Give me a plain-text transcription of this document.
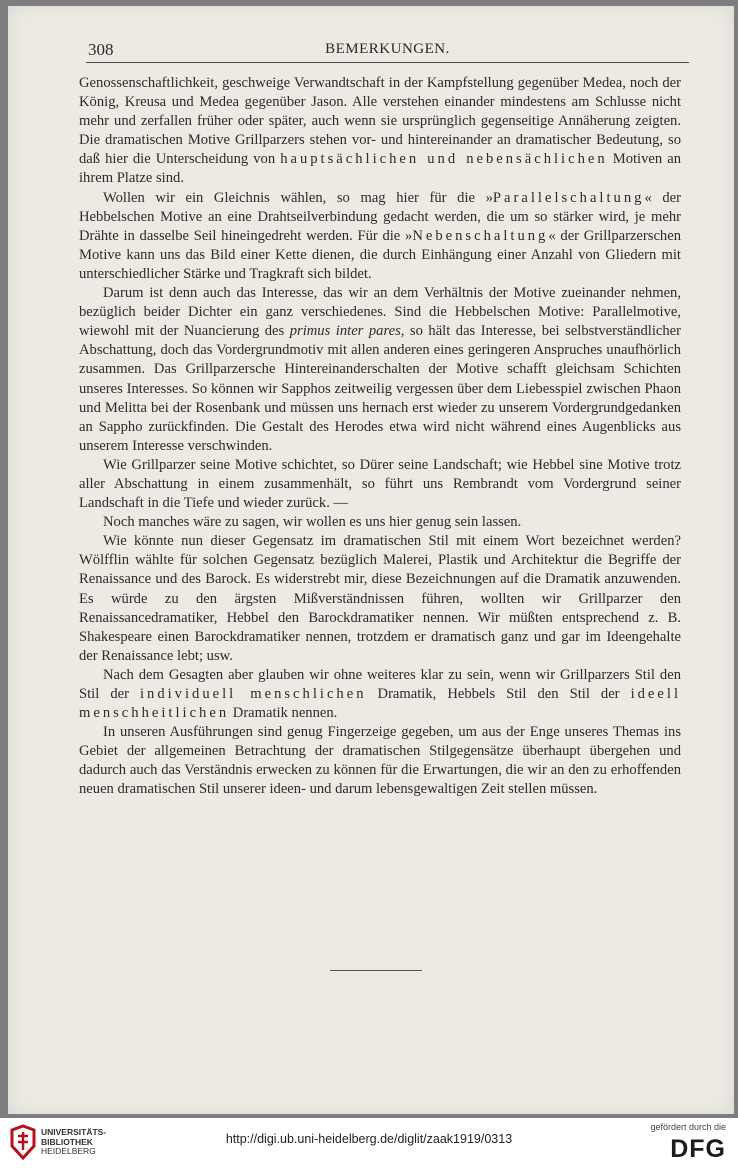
308	BEMERKUNGEN.

Genossenschaftlichkeit, geschweige Verwandtschaft in der Kampfstellung gegenüber Medea, noch der König, Kreusa und Medea gegenüber Jason. Alle verstehen einander mindestens am Schlusse nicht mehr und zerfallen früher oder später, auch wenn sie ursprünglich gegenseitige Annäherung zeigten. Die dramatischen Motive Grillparzers stehen vor- und hintereinander an dramatischer Bedeutung, so daß hier die Unterscheidung von hauptsächlichen und nebensächlichen Motiven an ihrem Platze sind.

Wollen wir ein Gleichnis wählen, so mag hier für die »Parallelschaltung« der Hebbelschen Motive an eine Drahtseilverbindung gedacht werden, die um so stärker wird, je mehr Drähte in dasselbe Seil hineingedreht werden. Für die »Nebenschaltung« der Grillparzerschen Motive kann uns das Bild einer Kette dienen, die durch Einhängung einer Anzahl von Gliedern mit unterschiedlicher Stärke und Tragkraft sich bildet.

Darum ist denn auch das Interesse, das wir an dem Verhältnis der Motive zueinander nehmen, bezüglich beider Dichter ein ganz verschiedenes. Sind die Hebbelschen Motive: Parallelmotive, wiewohl mit der Nuancierung des primus inter pares, so hält das Interesse, bei selbstverständlicher Abschattung, doch das Vordergrundmotiv mit allen anderen eines geringeren Anspruches unaufhörlich zusammen. Das Grillparzersche Hintereinanderschalten der Motive schafft gleichsam Schichten unseres Interesses. So können wir Sapphos zeitweilig vergessen über dem Liebesspiel zwischen Phaon und Melitta bei der Rosenbank und müssen uns hernach erst wieder zu unserem Vordergrundgedanken an Sappho zurückfinden. Die Gestalt des Herodes etwa wird nicht während eines Augenblicks aus unserem Interesse verschwinden.

Wie Grillparzer seine Motive schichtet, so Dürer seine Landschaft; wie Hebbel sine Motive trotz aller Abschattung in einem zusammenhält, so führt uns Rembrandt vom Vordergrund seiner Landschaft in die Tiefe und wieder zurück. —

Noch manches wäre zu sagen, wir wollen es uns hier genug sein lassen.

Wie könnte nun dieser Gegensatz im dramatischen Stil mit einem Wort bezeichnet werden? Wölfflin wählte für solchen Gegensatz bezüglich Malerei, Plastik und Architektur die Begriffe der Renaissance und des Barock. Es widerstrebt mir, diese Bezeichnungen auf die Dramatik anzuwenden. Es würde zu den ärgsten Mißverständnissen führen, wollten wir Grillparzer den Renaissancedramatiker, Hebbel den Barockdramatiker nennen. Wir müßten entsprechend z. B. Shakespeare einen Barockdramatiker nennen, trotzdem er dramatisch ganz und gar im Ideengehalte der Renaissance lebt; usw.

Nach dem Gesagten aber glauben wir ohne weiteres klar zu sein, wenn wir Grillparzers Stil den Stil der individuell menschlichen Dramatik, Hebbels Stil den Stil der ideell menschheitlichen Dramatik nennen.

In unseren Ausführungen sind genug Fingerzeige gegeben, um aus der Enge unseres Themas ins Gebiet der allgemeinen Betrachtung der dramatischen Stilgegensätze überhaupt übergehen und dadurch auch das Verständnis erwecken zu können für die Erwartungen, die wir an den zu erhoffenden neuen dramatischen Stil unserer ideen- und darum lebensgewaltigen Zeit stellen müssen.

UNIVERSITÄTS-
BIBLIOTHEK
HEIDELBERG
http://digi.ub.uni-heidelberg.de/diglit/zaak1919/0313
gefördert durch die
DFG
